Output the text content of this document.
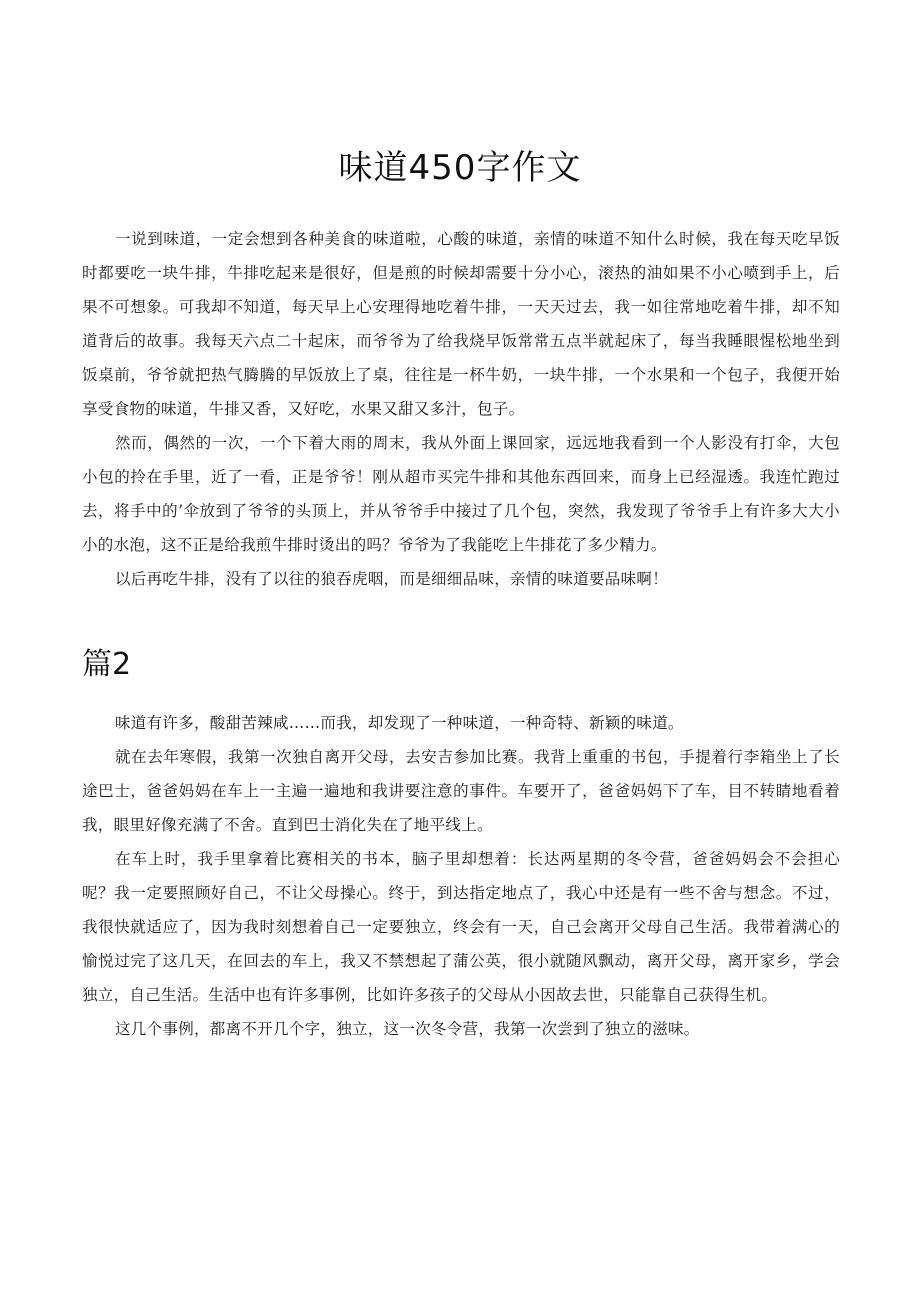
味道450字作文

一说到味道，一定会想到各种美食的味道啦，心酸的味道，亲情的味道不知什么时候，我在每天吃早饭时都要吃一块牛排，牛排吃起来是很好，但是煎的时候却需要十分小心，滚热的油如果不小心喷到手上，后果不可想象。可我却不知道，每天早上心安理得地吃着牛排，一天天过去，我一如往常地吃着牛排，却不知道背后的故事。我每天六点二十起床，而爷爷为了给我烧早饭常常五点半就起床了，每当我睡眼惺松地坐到饭桌前，爷爷就把热气腾腾的早饭放上了桌，往往是一杯牛奶，一块牛排，一个水果和一个包子，我便开始享受食物的味道，牛排又香，又好吃，水果又甜又多汁，包子。

然而，偶然的一次，一个下着大雨的周末，我从外面上课回家，远远地我看到一个人影没有打伞，大包小包的拎在手里，近了一看，正是爷爷！刚从超市买完牛排和其他东西回来，而身上已经湿透。我连忙跑过去，将手中的’伞放到了爷爷的头顶上，并从爷爷手中接过了几个包，突然，我发现了爷爷手上有许多大大小小的水泡，这不正是给我煎牛排时烫出的吗？爷爷为了我能吃上牛排花了多少精力。

以后再吃牛排，没有了以往的狼吞虎咽，而是细细品味，亲情的味道要品味啊！

篇2

味道有许多，酸甜苦辣咸……而我，却发现了一种味道，一种奇特、新颖的味道。

就在去年寒假，我第一次独自离开父母，去安吉参加比赛。我背上重重的书包，手提着行李箱坐上了长途巴士，爸爸妈妈在车上一主遍一遍地和我讲要注意的事件。车要开了，爸爸妈妈下了车，目不转睛地看着我，眼里好像充满了不舍。直到巴士消化失在了地平线上。

在车上时，我手里拿着比赛相关的书本，脑子里却想着：长达两星期的冬令营，爸爸妈妈会不会担心呢？我一定要照顾好自己，不让父母操心。终于，到达指定地点了，我心中还是有一些不舍与想念。不过，我很快就适应了，因为我时刻想着自己一定要独立，终会有一天，自己会离开父母自己生活。我带着满心的愉悦过完了这几天，在回去的车上，我又不禁想起了蒲公英，很小就随风飘动，离开父母，离开家乡，学会独立，自己生活。生活中也有许多事例，比如许多孩子的父母从小因故去世，只能靠自己获得生机。

这几个事例，都离不开几个字，独立，这一次冬令营，我第一次尝到了独立的滋味。
